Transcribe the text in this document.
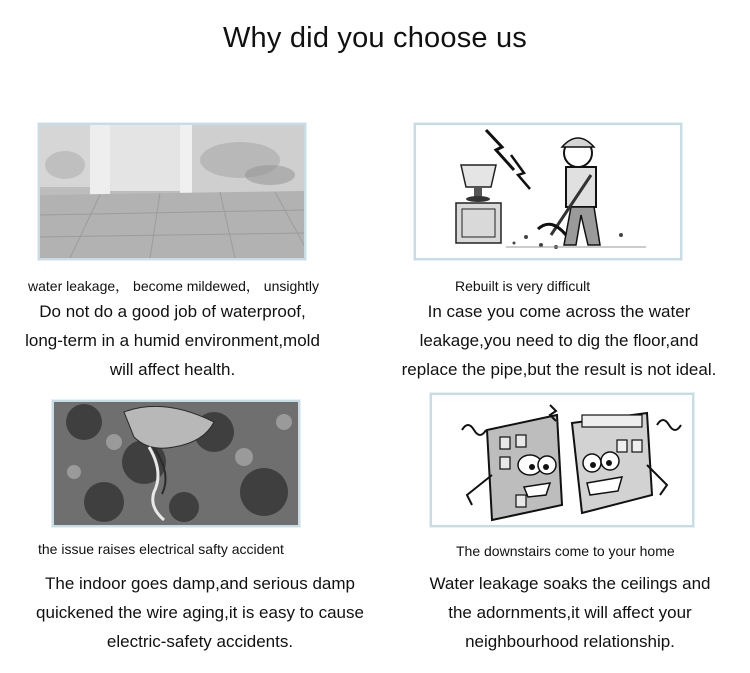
Why did you choose us
water leakage， become mildewed， unsightly
Do not do a good job of waterproof,
long-term in a humid environment,mold
will affect health.
Rebuilt is very difficult
In case you come across the water
leakage,you need to dig the floor,and
replace the pipe,but the result is not ideal.
the issue raises electrical safty accident
The indoor goes damp,and serious damp
quickened the wire aging,it is easy to cause
electric-safety accidents.
The downstairs come to your home
Water leakage soaks the ceilings and
the adornments,it will affect your
neighbourhood relationship.
